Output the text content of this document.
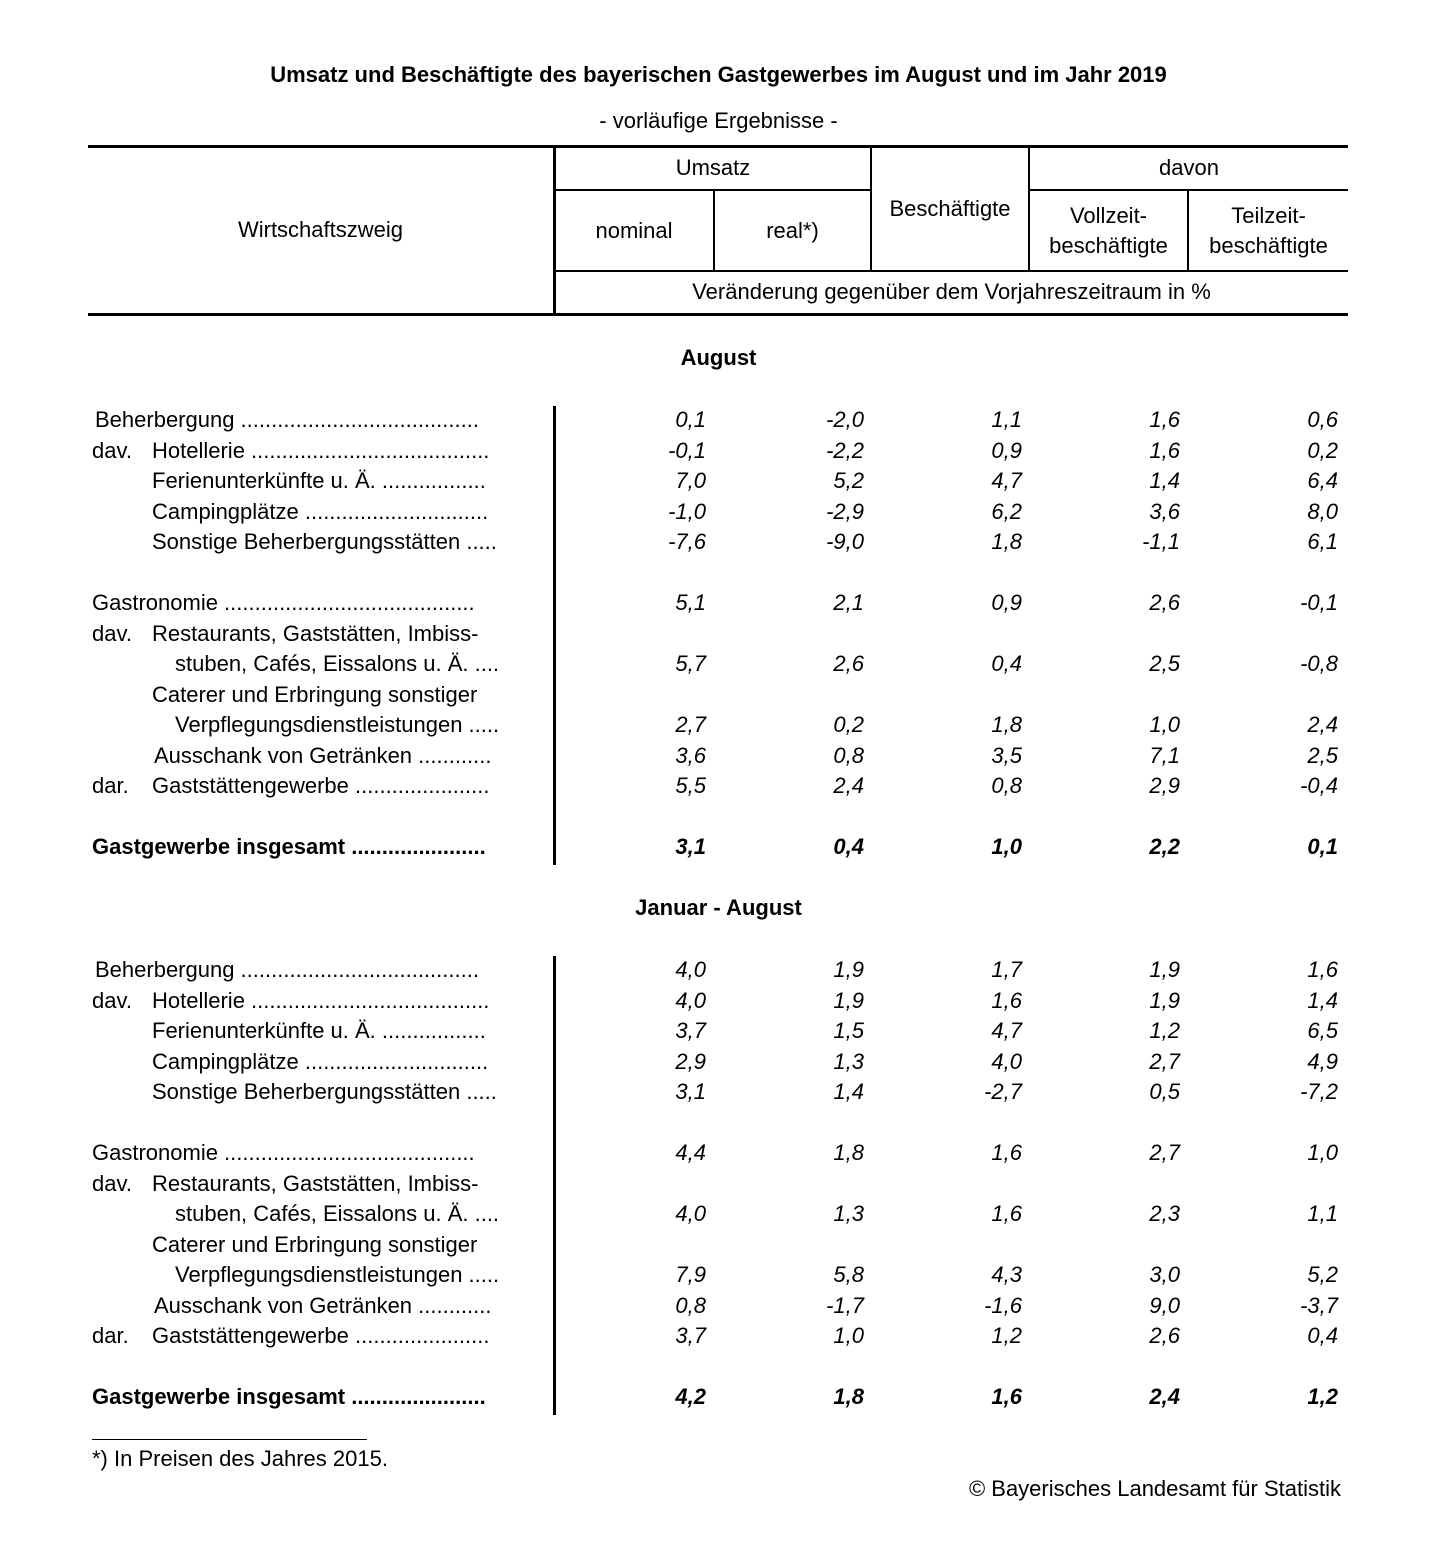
Umsatz und Beschäftigte des bayerischen Gastgewerbes im August und im Jahr 2019
- vorläufige Ergebnisse -
Wirtschaftszweig
Umsatz
nominal	real*)
Beschäftigte
davon
Vollzeit-
beschäftigte
Teilzeit-
beschäftigte
Veränderung gegenüber dem Vorjahreszeitraum in %
August
Beherbergung .......................................	0,1	-2,0	1,1	1,6	0,6
dav. Hotellerie .......................................	-0,1	-2,2	0,9	1,6	0,2
Ferienunterkünfte u. Ä. .................	7,0	5,2	4,7	1,4	6,4
Campingplätze ..............................	-1,0	-2,9	6,2	3,6	8,0
Sonstige Beherbergungsstätten .....	-7,6	-9,0	1,8	-1,1	6,1
Gastronomie .........................................	5,1	2,1	0,9	2,6	-0,1
dav. Restaurants, Gaststätten, Imbiss-
stuben, Cafés, Eissalons u. Ä. ....	5,7	2,6	0,4	2,5	-0,8
Caterer und Erbringung sonstiger
Verpflegungsdienstleistungen .....	2,7	0,2	1,8	1,0	2,4
Ausschank von Getränken ............	3,6	0,8	3,5	7,1	2,5
dar. Gaststättengewerbe ......................	5,5	2,4	0,8	2,9	-0,4
Gastgewerbe insgesamt ......................	3,1	0,4	1,0	2,2	0,1
Januar - August
Beherbergung .......................................	4,0	1,9	1,7	1,9	1,6
dav. Hotellerie .......................................	4,0	1,9	1,6	1,9	1,4
Ferienunterkünfte u. Ä. .................	3,7	1,5	4,7	1,2	6,5
Campingplätze ..............................	2,9	1,3	4,0	2,7	4,9
Sonstige Beherbergungsstätten .....	3,1	1,4	-2,7	0,5	-7,2
Gastronomie .........................................	4,4	1,8	1,6	2,7	1,0
dav. Restaurants, Gaststätten, Imbiss-
stuben, Cafés, Eissalons u. Ä. ....	4,0	1,3	1,6	2,3	1,1
Caterer und Erbringung sonstiger
Verpflegungsdienstleistungen .....	7,9	5,8	4,3	3,0	5,2
Ausschank von Getränken ............	0,8	-1,7	-1,6	9,0	-3,7
dar. Gaststättengewerbe ......................	3,7	1,0	1,2	2,6	0,4
Gastgewerbe insgesamt ......................	4,2	1,8	1,6	2,4	1,2
*) In Preisen des Jahres 2015.
© Bayerisches Landesamt für Statistik
